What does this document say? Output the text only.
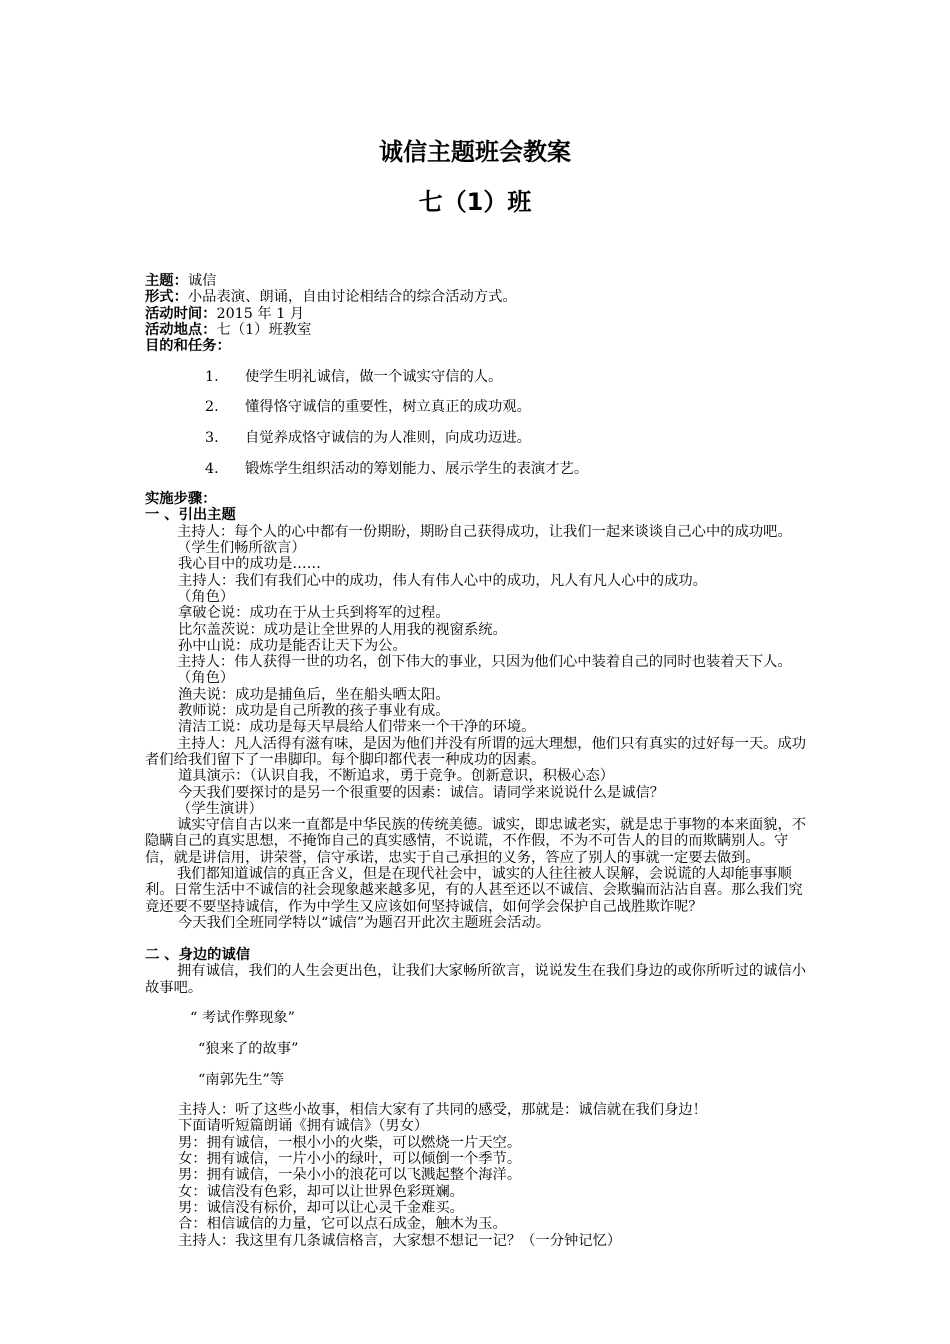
诚信主题班会教案
七（1）班

主题：诚信

形式：小品表演、朗诵，自由讨论相结合的综合活动方式。

活动时间：2015 年 1 月

活动地点：七（1）班教室

目的和任务：

1. 使学生明礼诚信，做一个诚实守信的人。

2. 懂得恪守诚信的重要性，树立真正的成功观。

3. 自觉养成恪守诚信的为人准则，向成功迈进。

4. 锻炼学生组织活动的筹划能力、展示学生的表演才艺。

实施步骤：

一 、引出主题

主持人：每个人的心中都有一份期盼，期盼自己获得成功，让我们一起来谈谈自己心中的成功吧。

（学生们畅所欲言）

我心目中的成功是……

主持人：我们有我们心中的成功，伟人有伟人心中的成功，凡人有凡人心中的成功。

（角色）

拿破仑说：成功在于从士兵到将军的过程。

比尔盖茨说：成功是让全世界的人用我的视窗系统。

孙中山说：成功是能否让天下为公。

主持人：伟人获得一世的功名，创下伟大的事业，只因为他们心中装着自己的同时也装着天下人。

（角色）

渔夫说：成功是捕鱼后，坐在船头晒太阳。

教师说：成功是自己所教的孩子事业有成。

清洁工说：成功是每天早晨给人们带来一个干净的环境。

主持人：凡人活得有滋有味，是因为他们并没有所谓的远大理想，他们只有真实的过好每一天。成功者们给我们留下了一串脚印。每个脚印都代表一种成功的因素。

道具演示：（认识自我，不断追求，勇于竞争。创新意识，积极心态）

今天我们要探讨的是另一个很重要的因素：诚信。请同学来说说什么是诚信？

（学生演讲）

诚实守信自古以来一直都是中华民族的传统美德。诚实，即忠诚老实，就是忠于事物的本来面貌，不隐瞒自己的真实思想，不掩饰自己的真实感情，不说谎，不作假，不为不可告人的目的而欺瞒别人。守信，就是讲信用，讲荣誉，信守承诺，忠实于自己承担的义务，答应了别人的事就一定要去做到。

我们都知道诚信的真正含义，但是在现代社会中，诚实的人往往被人误解，会说谎的人却能事事顺利。日常生活中不诚信的社会现象越来越多见，有的人甚至还以不诚信、会欺骗而沾沾自喜。那么我们究竟还要不要坚持诚信，作为中学生又应该如何坚持诚信，如何学会保护自己战胜欺诈呢？

今天我们全班同学特以“诚信”为题召开此次主题班会活动。

二 、身边的诚信

拥有诚信，我们的人生会更出色，让我们大家畅所欲言，说说发生在我们身边的或你所听过的诚信小故事吧。

“ 考试作弊现象”

“狼来了的故事”

“南郭先生”等

主持人：听了这些小故事，相信大家有了共同的感受，那就是：诚信就在我们身边！

下面请听短篇朗诵《拥有诚信》（男女）

男：拥有诚信，一根小小的火柴，可以燃烧一片天空。

女：拥有诚信，一片小小的绿叶，可以倾倒一个季节。

男：拥有诚信，一朵小小的浪花可以飞溅起整个海洋。

女：诚信没有色彩，却可以让世界色彩斑斓。

男：诚信没有标价，却可以让心灵千金难买。

合：相信诚信的力量，它可以点石成金，触木为玉。

主持人：我这里有几条诚信格言，大家想不想记一记？（一分钟记忆）
